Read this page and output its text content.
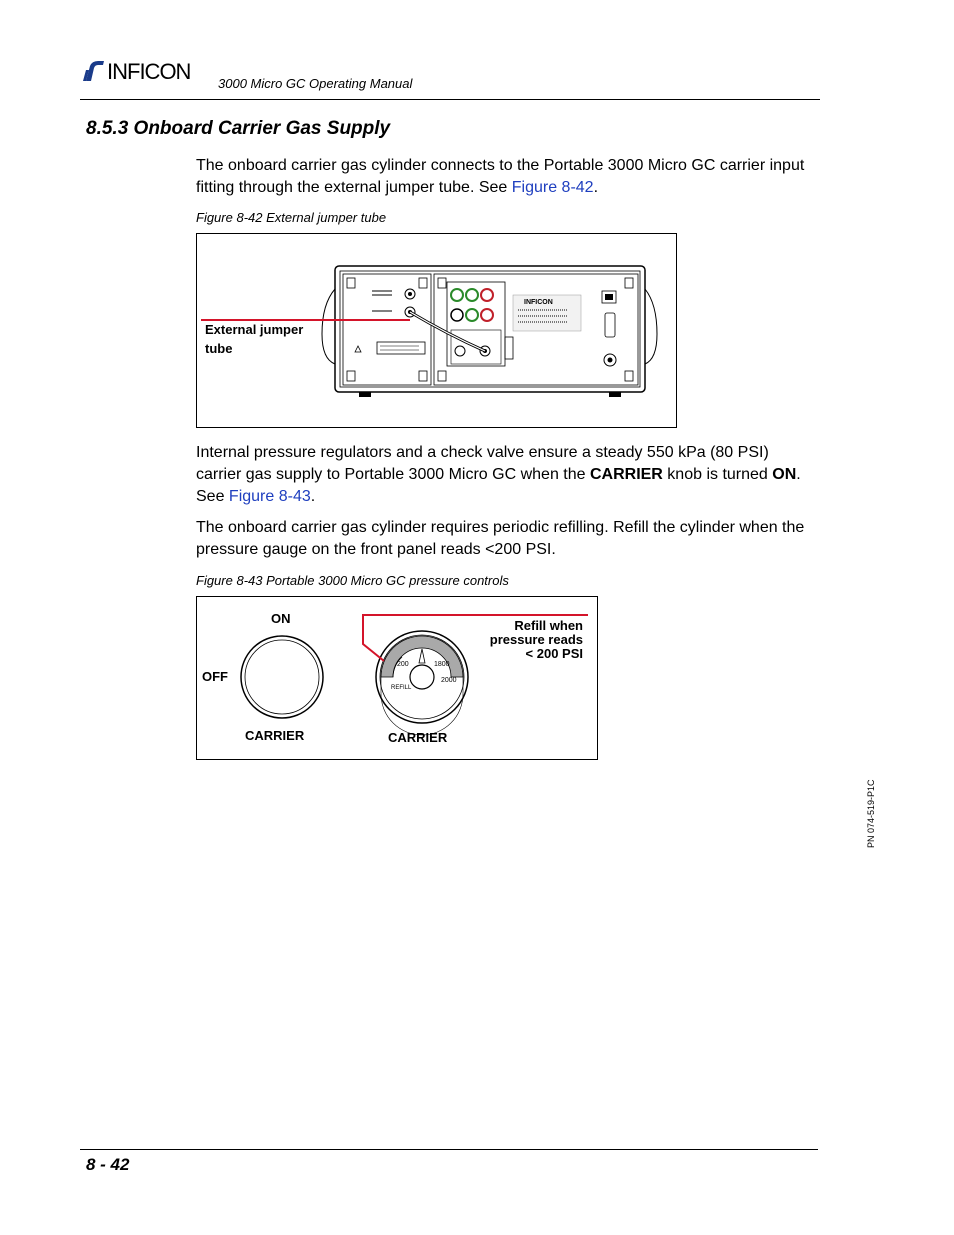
INFICON 3000 Micro GC Operating Manual
8.5.3 Onboard Carrier Gas Supply
The onboard carrier gas cylinder connects to the Portable 3000 Micro GC carrier input fitting through the external jumper tube. See Figure 8-42.
Figure 8-42 External jumper tube
INFICON
External jumper
tube
Internal pressure regulators and a check valve ensure a steady 550 kPa (80 PSI) carrier gas supply to Portable 3000 Micro GC when the CARRIER knob is turned ON. See Figure 8-43.
The onboard carrier gas cylinder requires periodic refilling. Refill the cylinder when the pressure gauge on the front panel reads <200 PSI.
Figure 8-43 Portable 3000 Micro GC pressure controls
ON
OFF
CARRIER	CARRIER
Refill when
pressure reads
< 200 PSI
200	1800
2000
REFILL
PN 074-519-P1C
8 - 42
